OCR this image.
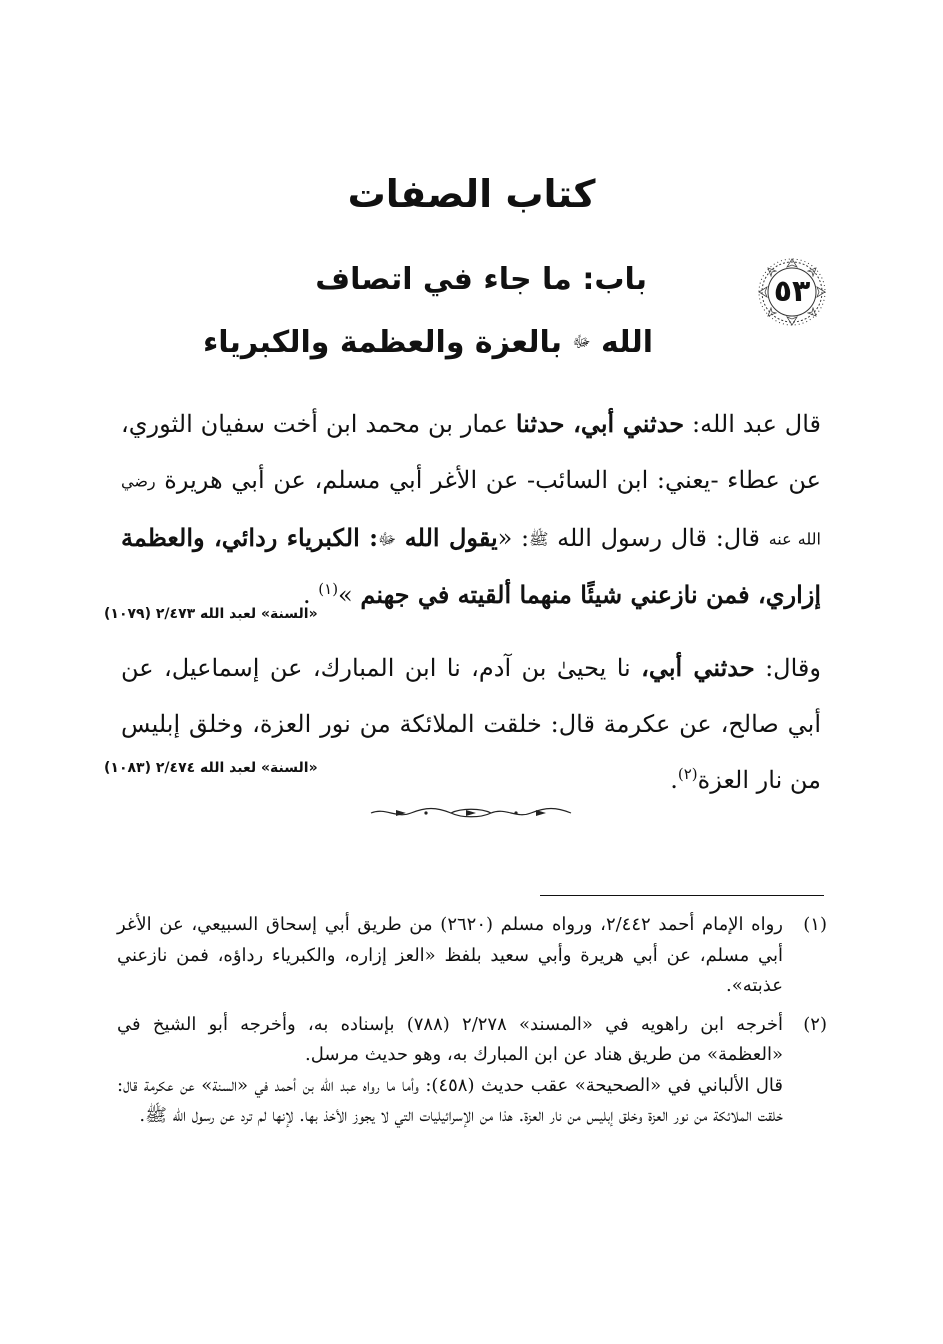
كتاب الصفات
٥٣
باب: ما جاء في اتصاف
الله ﷻ بالعزة والعظمة والكبرياء

قال عبد الله: حدثني أبي، حدثنا عمار بن محمد ابن أخت سفيان الثوري، عن عطاء -يعني: ابن السائب- عن الأغر أبي مسلم، عن أبي هريرة رضي الله عنه قال: قال رسول الله ﷺ: «يقول الله ﷻ: الكبرياء ردائي، والعظمة إزاري، فمن نازعني شيئًا منهما ألقيته في جهنم »$^{(١)}$ .

«السنة» لعبد الله ٢/٤٧٣ (١٠٧٩)

وقال: حدثني أبي، نا يحيىٰ بن آدم، نا ابن المبارك، عن إسماعيل، عن أبي صالح، عن عكرمة قال: خلقت الملائكة من نور العزة، وخلق إبليس من نار العزة$^{(٢)}$.

«السنة» لعبد الله ٢/٤٧٤ (١٠٨٣)
(١)

رواه الإمام أحمد ٢/٤٤٢، ورواه مسلم (٢٦٢٠) من طريق أبي إسحاق السبيعي، عن الأغر أبي مسلم، عن أبي هريرة وأبي سعيد بلفظ «العز إزاره، والكبرياء رداؤه، فمن نازعني عذبته».

(٢)

أخرجه ابن راهويه في «المسند» ٢/٢٧٨ (٧٨٨) بإسناده به، وأخرجه أبو الشيخ في «العظمة» من طريق هناد عن ابن المبارك به، وهو حديث مرسل.

قال الألباني في «الصحيحة» عقب حديث (٤٥٨): وأما ما رواه عبد الله بن أحمد في «السنة» عن عكرمة قال: خلقت الملائكة من نور العزة وخلق إبليس من نار العزة. هذا من الإسرائيليات التي لا يجوز الأخذ بها. لإنها لم ترد عن رسول الله ﷺ.
